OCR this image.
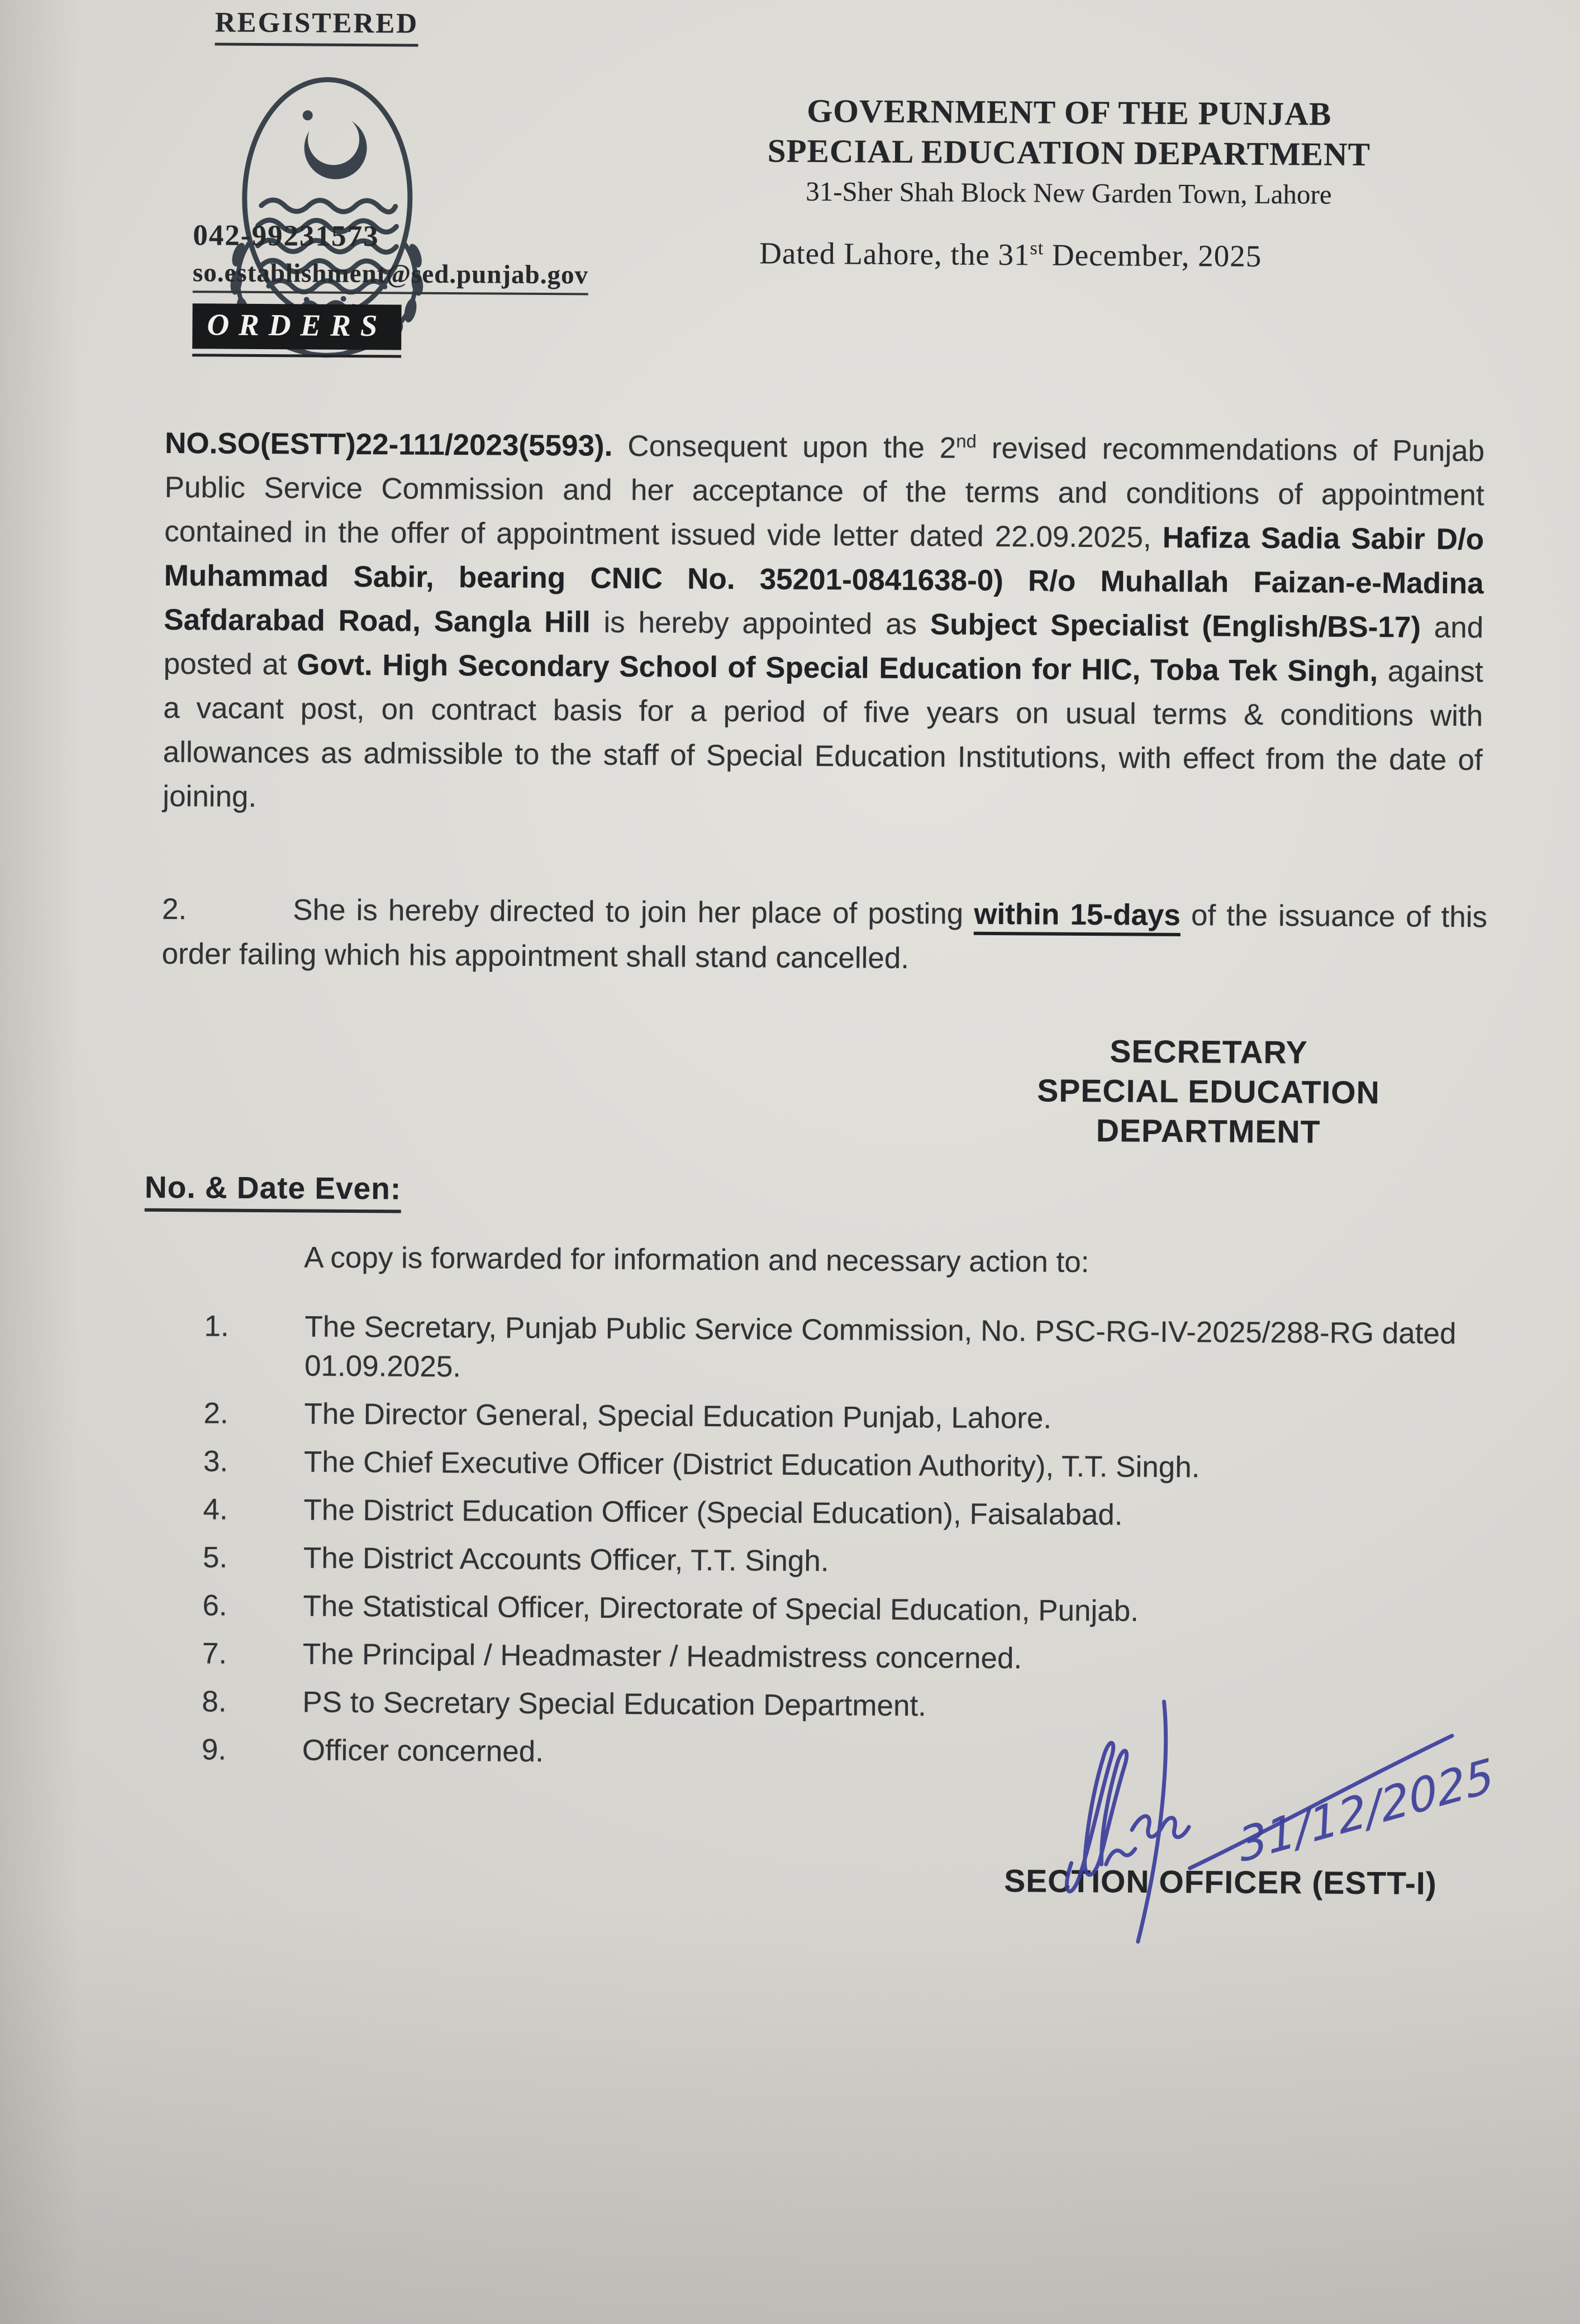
REGISTERED
042-99231573
so.establishment@sed.punjab.gov
GOVERNMENT OF THE PUNJAB
SPECIAL EDUCATION DEPARTMENT
31-Sher Shah Block New Garden Town, Lahore
Dated Lahore, the 31st December, 2025
ORDERS

NO.SO(ESTT)22-111/2023(5593). Consequent upon the 2nd revised recommendations of Punjab Public Service Commission and her acceptance of the terms and conditions of appointment contained in the offer of appointment issued vide letter dated 22.09.2025, Hafiza Sadia Sabir D/o Muhammad Sabir, bearing CNIC No. 35201-0841638-0) R/o Muhallah Faizan-e-Madina Safdarabad Road, Sangla Hill is hereby appointed as Subject Specialist (English/BS-17) and posted at Govt. High Secondary School of Special Education for HIC, Toba Tek Singh, against a vacant post, on contract basis for a period of five years on usual terms & conditions with allowances as admissible to the staff of Special Education Institutions, with effect from the date of joining.

2.	She is hereby directed to join her place of posting within 15-days of the issuance of this order failing which his appointment shall stand cancelled.

SECRETARY
SPECIAL EDUCATION
DEPARTMENT
No. & Date Even:
A copy is forwarded for information and necessary action to:
1.	The Secretary, Punjab Public Service Commission, No. PSC-RG-IV-2025/288-RG dated 01.09.2025.
2.	The Director General, Special Education Punjab, Lahore.
3.	The Chief Executive Officer (District Education Authority), T.T. Singh.
4.	The District Education Officer (Special Education), Faisalabad.
5.	The District Accounts Officer, T.T. Singh.
6.	The Statistical Officer, Directorate of Special Education, Punjab.
7.	The Principal / Headmaster / Headmistress concerned.
8.	PS to Secretary Special Education Department.
9.	Officer concerned.	31/12/2025
SECTION OFFICER (ESTT-I)
